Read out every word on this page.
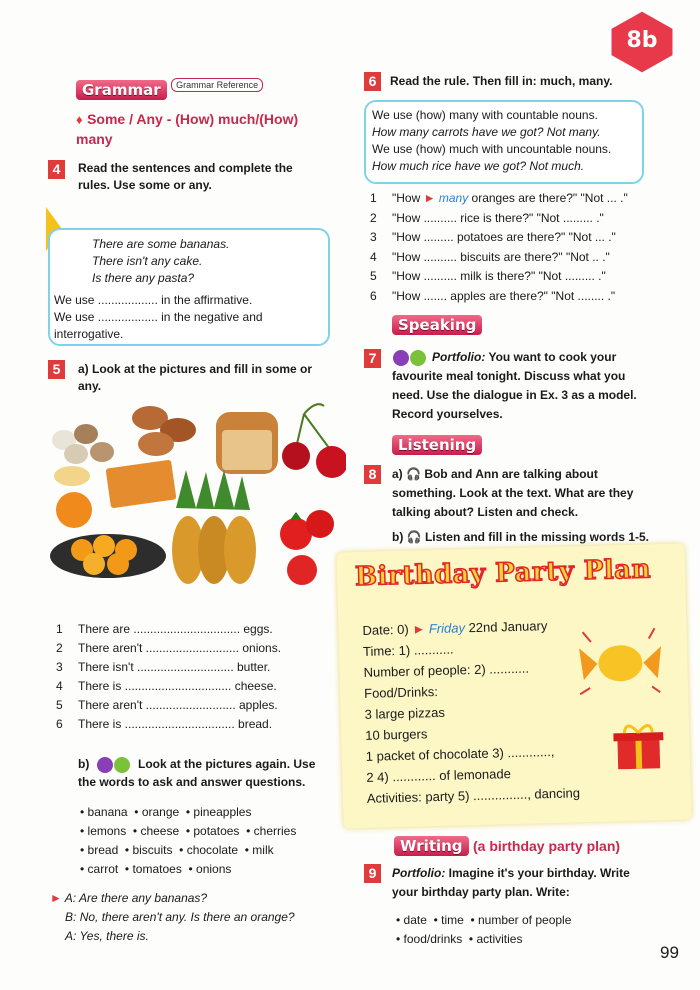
8b
Grammar $^{Grammar Reference}$
♦ Some / Any - (How) much/(How) many
4	Read the sentences and complete the rules. Use some or any.
There are some bananas.
There isn't any cake.
Is there any pasta?
We use .................. in the affirmative.
We use .................. in the negative and interrogative.
5	a) Look at the pictures and fill in some or any.
1 There are ................................ eggs.
2 There aren't ............................ onions.
3 There isn't ............................. butter.
4 There is ................................ cheese.
5 There aren't ........................... apples.
6 There is ................................. bread.
b)	Look at the pictures again. Use the words to ask and answer questions.
• banana • orange • pineapples
• lemons • cheese • potatoes • cherries
• bread • biscuits • chocolate • milk
• carrot • tomatoes • onions
► A: Are there any bananas?
B: No, there aren't any. Is there an orange?
A: Yes, there is.
6	Read the rule. Then fill in: much, many.
We use (how) many with countable nouns.
How many carrots have we got? Not many.
We use (how) much with uncountable nouns.
How much rice have we got? Not much.
1 "How ► many oranges are there?" "Not ... ."
2 "How .......... rice is there?" "Not ......... ."
3 "How ......... potatoes are there?" "Not ... ."
4 "How .......... biscuits are there?" "Not .. ."
5 "How .......... milk is there?" "Not ......... ."
6 "How ....... apples are there?" "Not ........ ."
Speaking
7	Portfolio: You want to cook your favourite meal tonight. Discuss what you need. Use the dialogue in Ex. 3 as a model. Record yourselves.
Listening
8	a) 🎧 Bob and Ann are talking about something. Look at the text. What are they talking about? Listen and check.
b) 🎧 Listen and fill in the missing words 1-5.
Birthday Party Plan
Date: 0) ► Friday 22nd January
Time: 1) ...........
Number of people: 2) ...........
Food/Drinks:
3 large pizzas
10 burgers
1 packet of chocolate 3) ............,
2 4) ............ of lemonade
Activities: party 5) ..............., dancing
Writing (a birthday party plan)
9	Portfolio: Imagine it's your birthday. Write your birthday party plan. Write:
• date  • time  • number of people
• food/drinks  • activities
99
